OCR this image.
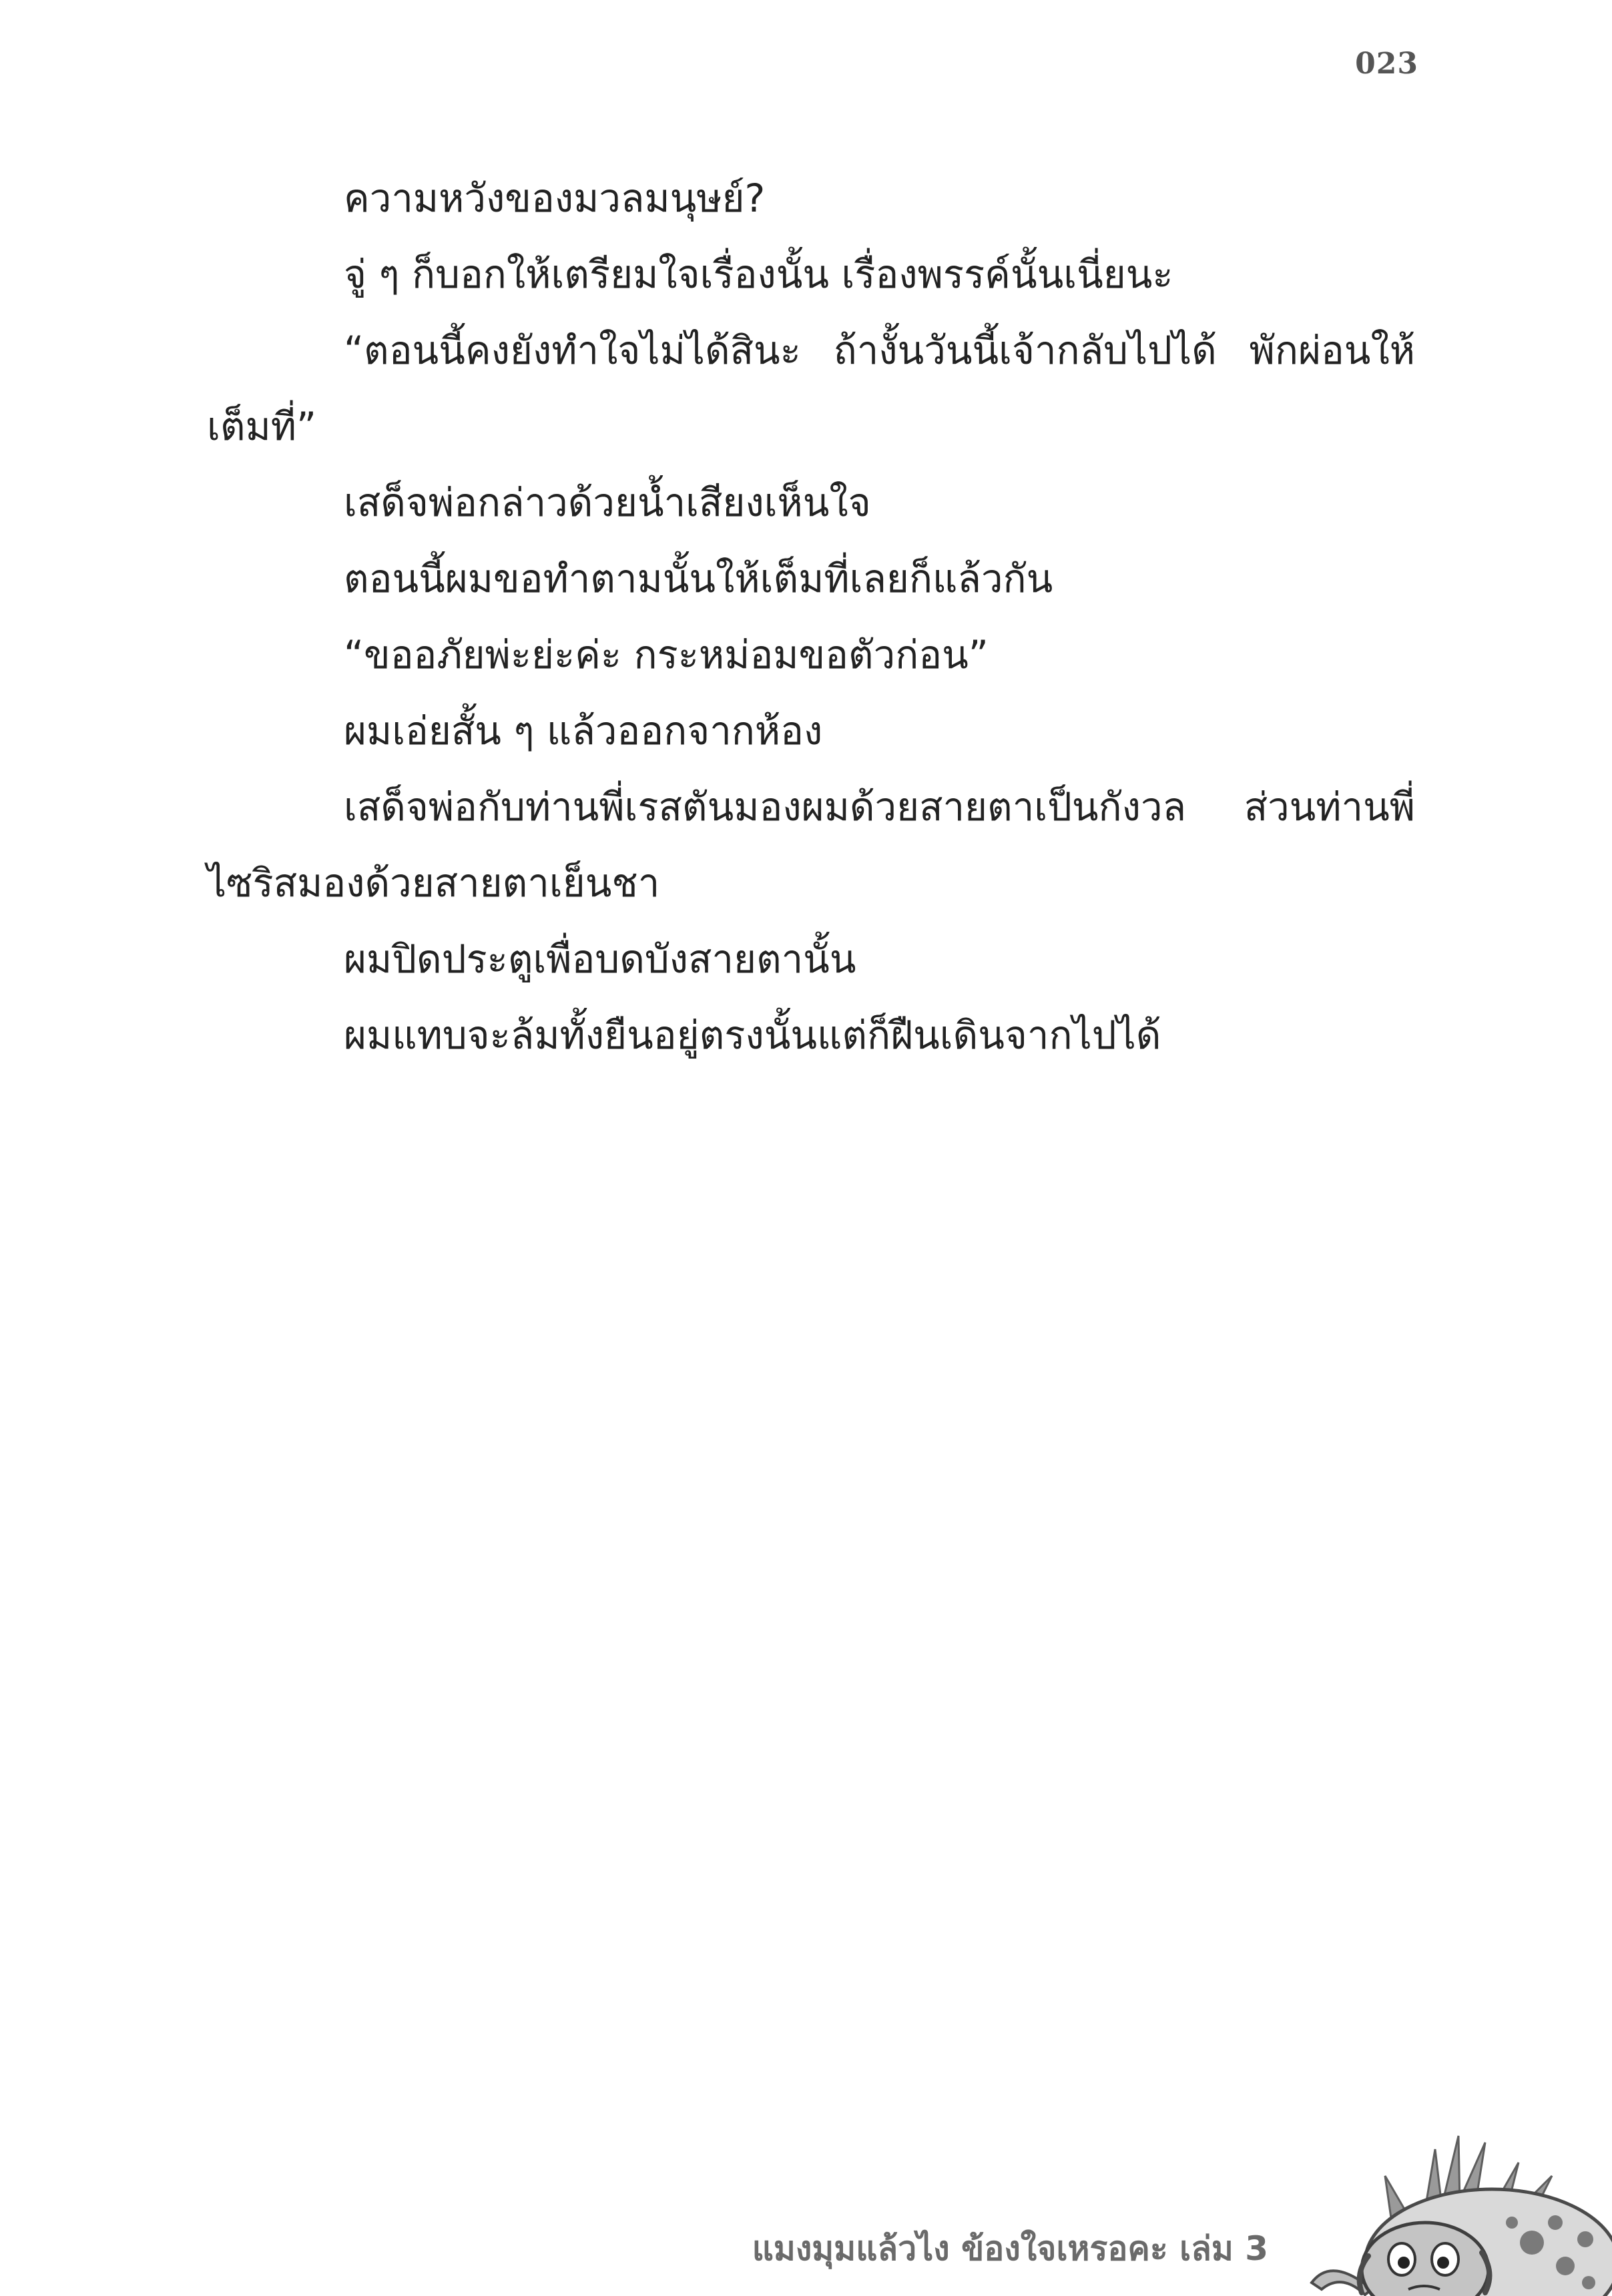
023

ความหวังของมวลมนุษย์?

จู่ ๆ ก็บอกให้เตรียมใจเรื่องนั้น เรื่องพรรค์นั้นเนี่ยนะ

“ตอนนี้คงยังทำใจไม่ได้สินะ ถ้างั้นวันนี้เจ้ากลับไปได้ พักผ่อนให้เต็มที่”

เสด็จพ่อกล่าวด้วยน้ำเสียงเห็นใจ

ตอนนี้ผมขอทำตามนั้นให้เต็มที่เลยก็แล้วกัน

“ขออภัยพ่ะย่ะค่ะ กระหม่อมขอตัวก่อน”

ผมเอ่ยสั้น ๆ แล้วออกจากห้อง

เสด็จพ่อกับท่านพี่เรสตันมองผมด้วยสายตาเป็นกังวล ส่วนท่านพี่ไซริสมองด้วยสายตาเย็นชา

ผมปิดประตูเพื่อบดบังสายตานั้น

ผมแทบจะล้มทั้งยืนอยู่ตรงนั้นแต่ก็ฝืนเดินจากไปได้

แมงมุมแล้วไง ข้องใจเหรอคะ เล่ม 3
